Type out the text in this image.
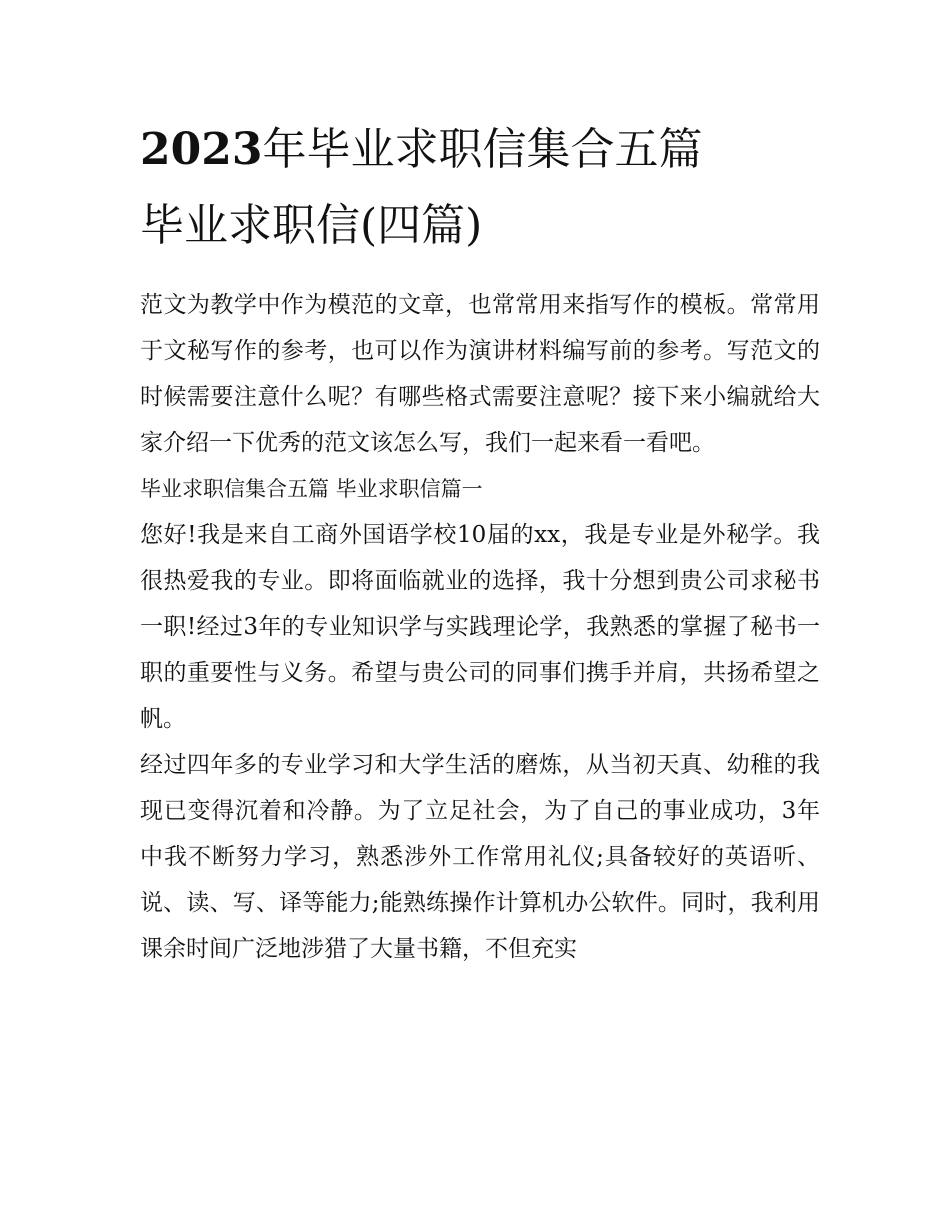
2023年毕业求职信集合五篇
毕业求职信(四篇)

范文为教学中作为模范的文章，也常常用来指写作的模板。常常用于文秘写作的参考，也可以作为演讲材料编写前的参考。写范文的时候需要注意什么呢？有哪些格式需要注意呢？接下来小编就给大家介绍一下优秀的范文该怎么写，我们一起来看一看吧。

毕业求职信集合五篇 毕业求职信篇一

您好!我是来自工商外国语学校10届的xx，我是专业是外秘学。我很热爱我的专业。即将面临就业的选择，我十分想到贵公司求秘书一职!经过3年的专业知识学与实践理论学，我熟悉的掌握了秘书一职的重要性与义务。希望与贵公司的同事们携手并肩，共扬希望之帆。

经过四年多的专业学习和大学生活的磨炼，从当初天真、幼稚的我现已变得沉着和冷静。为了立足社会，为了自己的事业成功，3年中我不断努力学习，熟悉涉外工作常用礼仪;具备较好的英语听、说、读、写、译等能力;能熟练操作计算机办公软件。同时，我利用课余时间广泛地涉猎了大量书籍，不但充实
